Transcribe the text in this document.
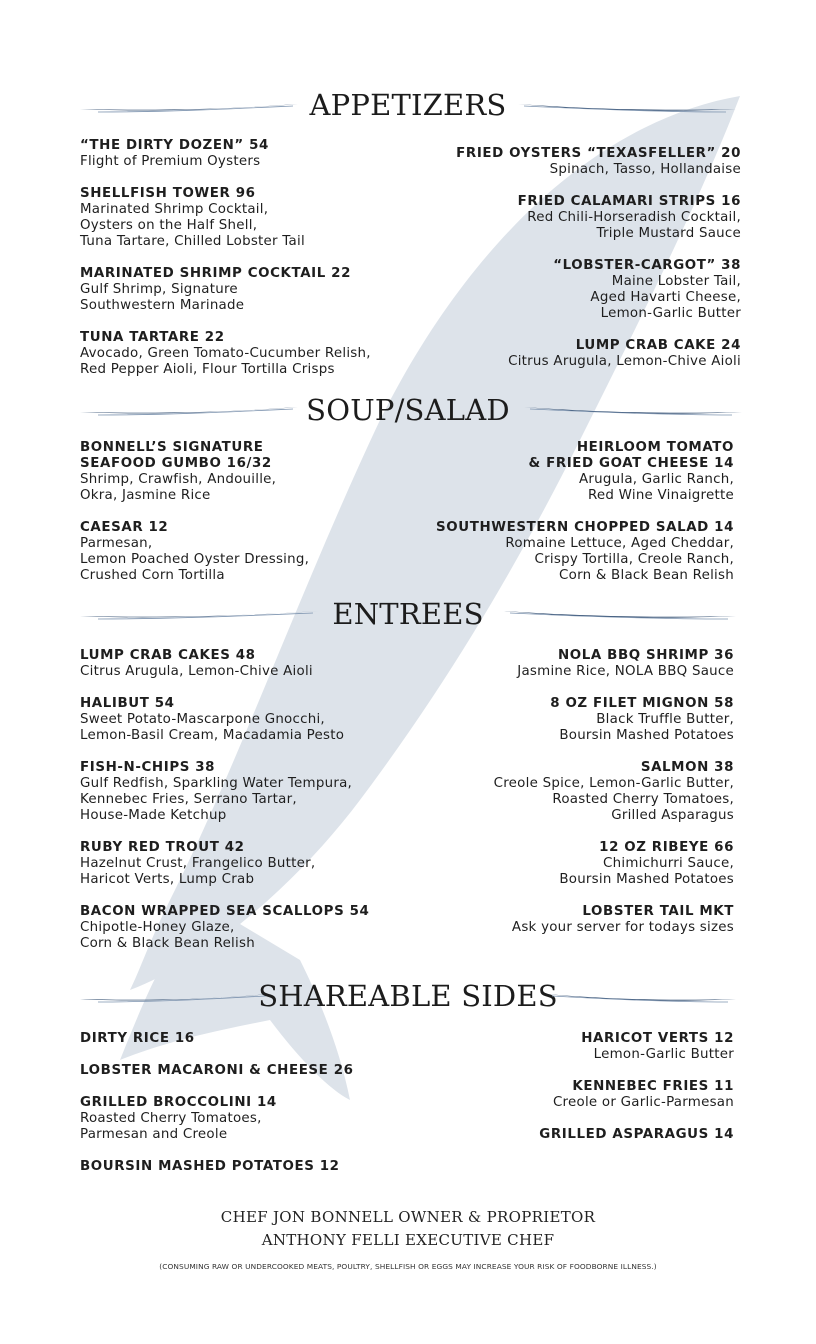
APPETIZERS
“THE DIRTY DOZEN” 54
Flight of Premium Oysters
SHELLFISH TOWER 96
Marinated Shrimp Cocktail,
Oysters on the Half Shell,
Tuna Tartare, Chilled Lobster Tail
MARINATED SHRIMP COCKTAIL 22
Gulf Shrimp, Signature
Southwestern Marinade
TUNA TARTARE 22
Avocado, Green Tomato-Cucumber Relish,
Red Pepper Aioli, Flour Tortilla Crisps
FRIED OYSTERS “TEXASFELLER” 20
Spinach, Tasso, Hollandaise
FRIED CALAMARI STRIPS 16
Red Chili-Horseradish Cocktail,
Triple Mustard Sauce
“LOBSTER-CARGOT” 38
Maine Lobster Tail,
Aged Havarti Cheese,
Lemon-Garlic Butter
LUMP CRAB CAKE 24
Citrus Arugula, Lemon-Chive Aioli
SOUP/SALAD
BONNELL’S SIGNATURE
SEAFOOD GUMBO 16/32
Shrimp, Crawfish, Andouille,
Okra, Jasmine Rice
CAESAR 12
Parmesan,
Lemon Poached Oyster Dressing,
Crushed Corn Tortilla
HEIRLOOM TOMATO
& FRIED GOAT CHEESE 14
Arugula, Garlic Ranch,
Red Wine Vinaigrette
SOUTHWESTERN CHOPPED SALAD 14
Romaine Lettuce, Aged Cheddar,
Crispy Tortilla, Creole Ranch,
Corn & Black Bean Relish
ENTREES
LUMP CRAB CAKES 48
Citrus Arugula, Lemon-Chive Aioli
HALIBUT 54
Sweet Potato-Mascarpone Gnocchi,
Lemon-Basil Cream, Macadamia Pesto
FISH-N-CHIPS 38
Gulf Redfish, Sparkling Water Tempura,
Kennebec Fries, Serrano Tartar,
House-Made Ketchup
RUBY RED TROUT 42
Hazelnut Crust, Frangelico Butter,
Haricot Verts, Lump Crab
BACON WRAPPED SEA SCALLOPS 54
Chipotle-Honey Glaze,
Corn & Black Bean Relish
NOLA BBQ SHRIMP 36
Jasmine Rice, NOLA BBQ Sauce
8 OZ FILET MIGNON 58
Black Truffle Butter,
Boursin Mashed Potatoes
SALMON 38
Creole Spice, Lemon-Garlic Butter,
Roasted Cherry Tomatoes,
Grilled Asparagus
12 OZ RIBEYE 66
Chimichurri Sauce,
Boursin Mashed Potatoes
LOBSTER TAIL MKT
Ask your server for todays sizes
SHAREABLE SIDES
DIRTY RICE 16
LOBSTER MACARONI & CHEESE 26
GRILLED BROCCOLINI 14
Roasted Cherry Tomatoes,
Parmesan and Creole
BOURSIN MASHED POTATOES 12
HARICOT VERTS 12
Lemon-Garlic Butter
KENNEBEC FRIES 11
Creole or Garlic-Parmesan
GRILLED ASPARAGUS 14
CHEF JON BONNELL OWNER & PROPRIETOR
ANTHONY FELLI EXECUTIVE CHEF
(CONSUMING RAW OR UNDERCOOKED MEATS, POULTRY, SHELLFISH OR EGGS MAY INCREASE YOUR RISK OF FOODBORNE ILLNESS.)
